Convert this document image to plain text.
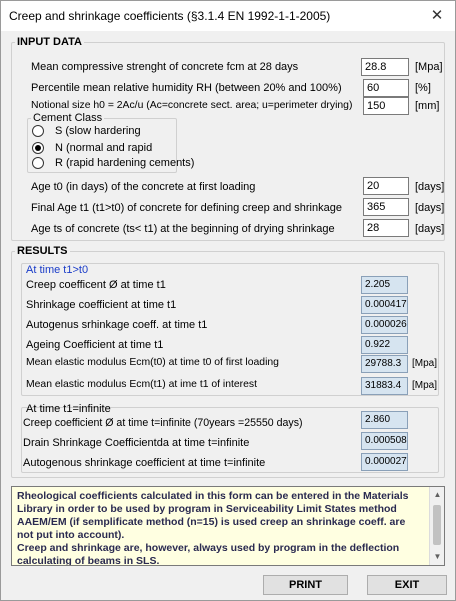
Creep and shrinkage coefficients (§3.1.4 EN 1992-1-1-2005)	✕
INPUT DATA
Mean compressive strenght of concrete fcm at 28 days
28.8	[Mpa]
Percentile mean relative humidity RH (between 20% and 100%)
60	[%]
Notional size h0 = 2Ac/u (Ac=concrete sect. area; u=perimeter drying)
150	[mm]
Cement Class
S (slow hardering
N (normal and rapid
R (rapid hardening cements)
Age t0 (in days) of the concrete at first loading
20	[days]
Final Age t1 (t1>t0) of concrete for defining creep and shrinkage
365	[days]
Age ts of concrete (ts< t1) at the beginning of drying shrinkage
28	[days]
RESULTS
At time t1>t0
Creep coefficent Ø at time t1	2.205
Shrinkage coefficient at time t1	0.000417
Autogenus srhinkage coeff. at time t1	0.000026
Ageing Coefficient at time t1	0.922
Mean elastic modulus Ecm(t0) at time t0 of first loading	29788.3	[Mpa]
Mean elastic modulus Ecm(t1) at ime t1 of interest	31883.4	[Mpa]
At time t1=infinite
Creep coefficient Ø at time t=infinite (70years =25550 days)	2.860
Drain Shrinkage Coefficientda at time t=infinite	0.000508
Autogenous shrinkage coefficient at time t=infinite	0.000027
Rheological coefficients calculated in this form can be entered in the Materials Library in order to be used by program in Serviceability Limit States method AAEM/EM (if semplificate method (n=15) is used creep an shrinkage coeff. are not put into account).
Creep and shrinkage are, however, always used by program in the deflection calculating of beams in SLS.

▲
▼
PRINT	EXIT
